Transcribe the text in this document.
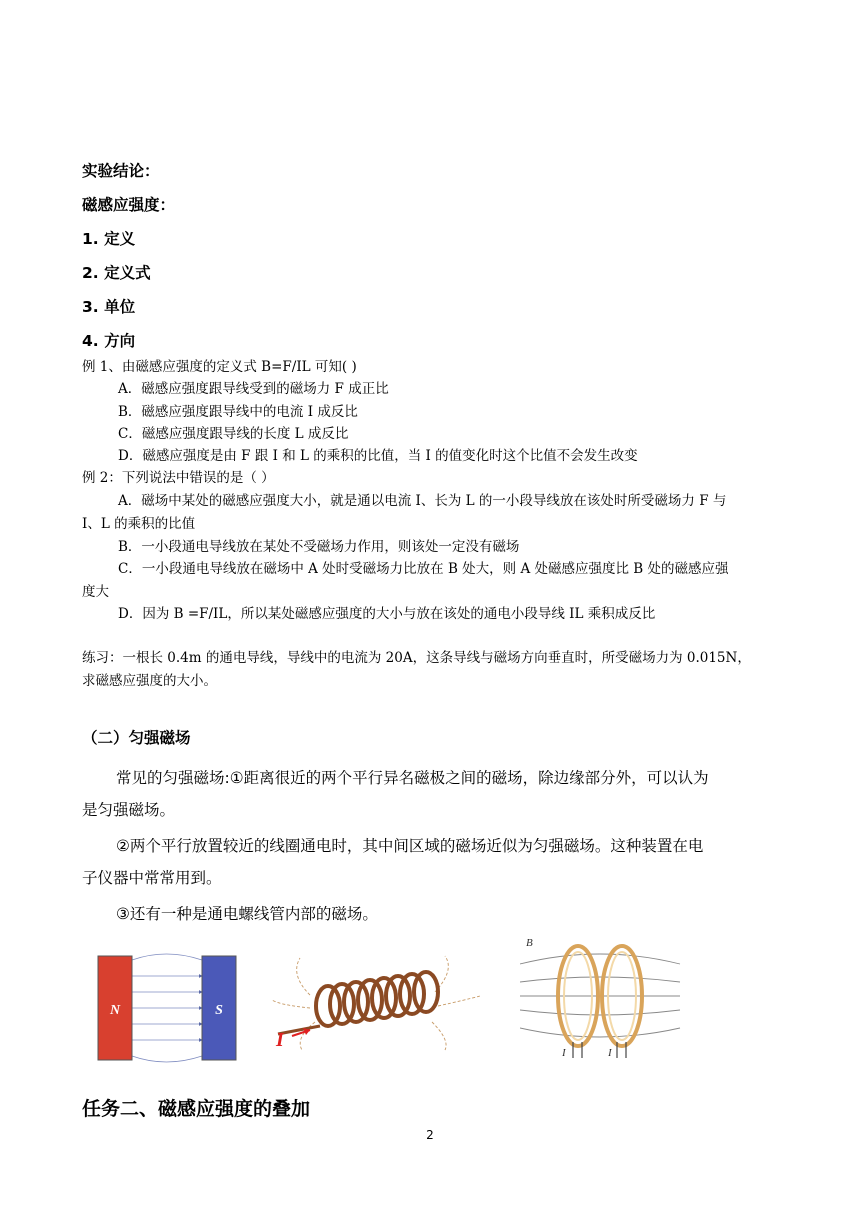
实验结论：
磁感应强度：
1. 定义
2. 定义式
3. 单位
4. 方向
例 1、由磁感应强度的定义式 B=F/IL 可知( )
A．磁感应强度跟导线受到的磁场力 F 成正比
B．磁感应强度跟导线中的电流 I 成反比
C．磁感应强度跟导线的长度 L 成反比
D．磁感应强度是由 F 跟 I 和 L 的乘积的比值，当 I 的值变化时这个比值不会发生改变
例 2：下列说法中错误的是（ ）
A．磁场中某处的磁感应强度大小，就是通以电流 I、长为 L 的一小段导线放在该处时所受磁场力 F 与
I、L 的乘积的比值
B．一小段通电导线放在某处不受磁场力作用，则该处一定没有磁场
C．一小段通电导线放在磁场中 A 处时受磁场力比放在 B 处大，则 A 处磁感应强度比 B 处的磁感应强
度大
D．因为 B =F/IL，所以某处磁感应强度的大小与放在该处的通电小段导线 IL 乘积成反比
练习：一根长 0.4m 的通电导线，导线中的电流为 20A，这条导线与磁场方向垂直时，所受磁场力为 0.015N，
求磁感应强度的大小。
（二）匀强磁场
常见的匀强磁场:①距离很近的两个平行异名磁极之间的磁场，除边缘部分外，可以认为
是匀强磁场。
②两个平行放置较近的线圈通电时，其中间区域的磁场近似为匀强磁场。这种装置在电
子仪器中常常用到。
③还有一种是通电螺线管内部的磁场。
N	S
I
B
I	I
任务二、磁感应强度的叠加
2
